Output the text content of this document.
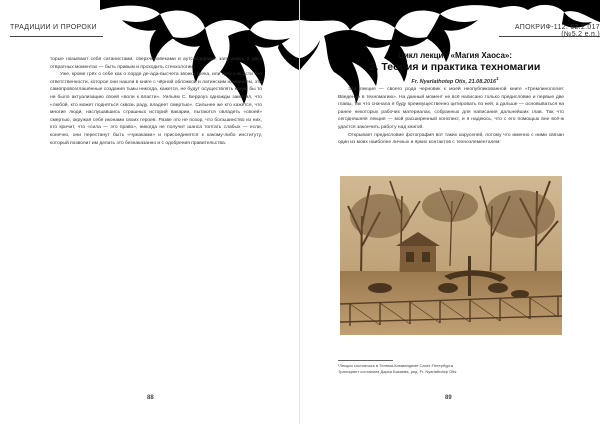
ТРАДИЦИИ И ПРОРОКИ

торые называют себя сатанистами, сверхчеловеками и аутсайдерами, запутались в двух отвратных моментах — быть правым и проходить стенхологии.

Уже, кроме грёх о себе как о лорде де-ада-высчета звонка грека, или грёх о власти без ответственности, которое они нашли в книге с чёрной обложкой и латинским названием, эти самопровозглашённые создания тьмы никогда, кажется, не будут осуществлять какую бы то ни было актуализацию своей «воли к власти». Уильям С. Берроуз однажды заметил, что «любой, кто может подняться сквозь раду, владеет смертью». Сильнее же кто кажется, что многие люди, наслушавшись страшных историй вакарии, пытаются овладеть «своей» смертью, окружая себя иконами своих героев. Разве это не позор, что большинство из них, кто кричит, что «сила — это право», никогда не получит шанса топтать слабых — если, конечно, они перестанут быть «чужаками» и присоединятся к какому-либо институту, который позволит им делать это безнаказанно и с одобрения правительства.

88
АПОКРИФ-112: 02.2.017 (№5.2 е.п.)
Цикл лекций «Магия Хаоса»:
2. Теория и практика техномагии
Fr. Nyarlathotep Otis, 21.08.2016$^1$

Эта лекция — своего рода черновик к моей неопубликованной книге «Гремлинология: Введение в техномагию». На данный момент не всё написано только предисловие и первые две главы, так что сначала я буду преимущественно цитировать по ней, а дальше — основываться на ранее некоторых рабочих материалах, собранных для написания дальнейших глав. Так что сегодняшняя лекция — мой расширенный конспект, и я надеюсь, что с его помощью вне всё-ж удастся закончить работу над книгой.

Открывает предисловие фотография вот таких каруселей, потому что именно с ними связан один из моих наиболее личных и ярких контактов с техноэлементалем:

¹Лекция состоялась в Телема-Коммандеме Санкт-Петербурга.

Транскрипт составила Дарья Бакаева, ред. Fr. Nyarlathotep Otis.

89
